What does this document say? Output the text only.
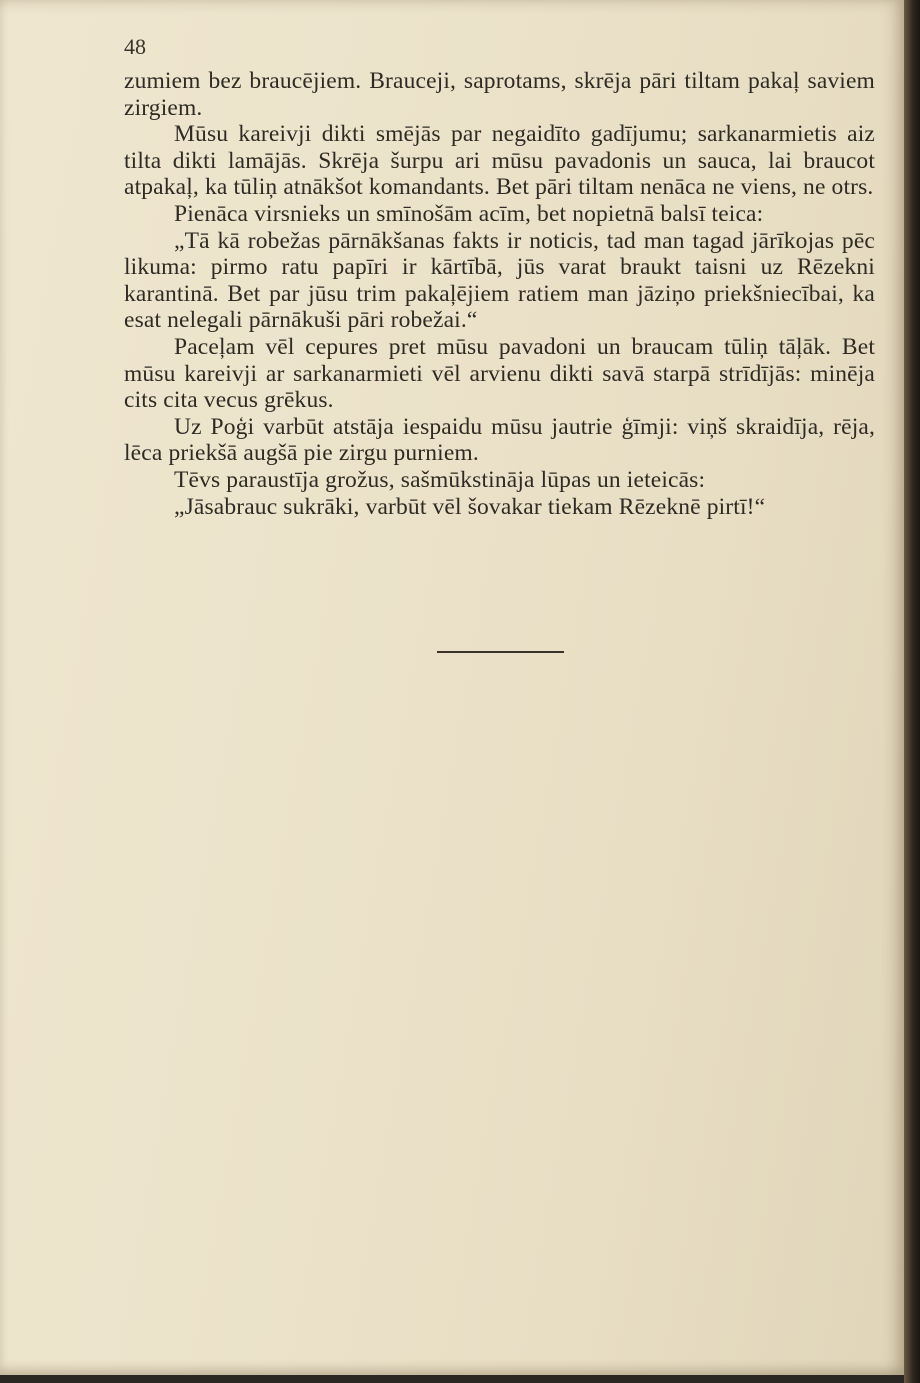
48

zumiem bez braucējiem. Brauceji, saprotams, skrēja pāri tiltam pakaļ saviem zirgiem.

Mūsu kareivji dikti smējās par negaidīto gadījumu; sarkanarmietis aiz tilta dikti lamājās. Skrēja šurpu ari mūsu pavadonis un sauca, lai braucot atpakaļ, ka tūliņ atnākšot komandants. Bet pāri tiltam nenāca ne viens, ne otrs.

Pienāca virsnieks un smīnošām acīm, bet nopietnā balsī teica:

„Tā kā robežas pārnākšanas fakts ir noticis, tad man tagad jārīkojas pēc likuma: pirmo ratu papīri ir kārtībā, jūs varat braukt taisni uz Rēzekni karantinā. Bet par jūsu trim pakaļējiem ratiem man jāziņo priekšniecībai, ka esat nelegali pārnākuši pāri robežai.“

Paceļam vēl cepures pret mūsu pavadoni un braucam tūliņ tāļāk. Bet mūsu kareivji ar sarkanarmieti vēl arvienu dikti savā starpā strīdījās: minēja cits cita vecus grēkus.

Uz Poģi varbūt atstāja iespaidu mūsu jautrie ģīmji: viņš skraidīja, rēja, lēca priekšā augšā pie zirgu purniem.

Tēvs paraustīja grožus, sašmūkstināja lūpas un ieteicās:

„Jāsabrauc sukrāki, varbūt vēl šovakar tiekam Rēzeknē pirtī!“
